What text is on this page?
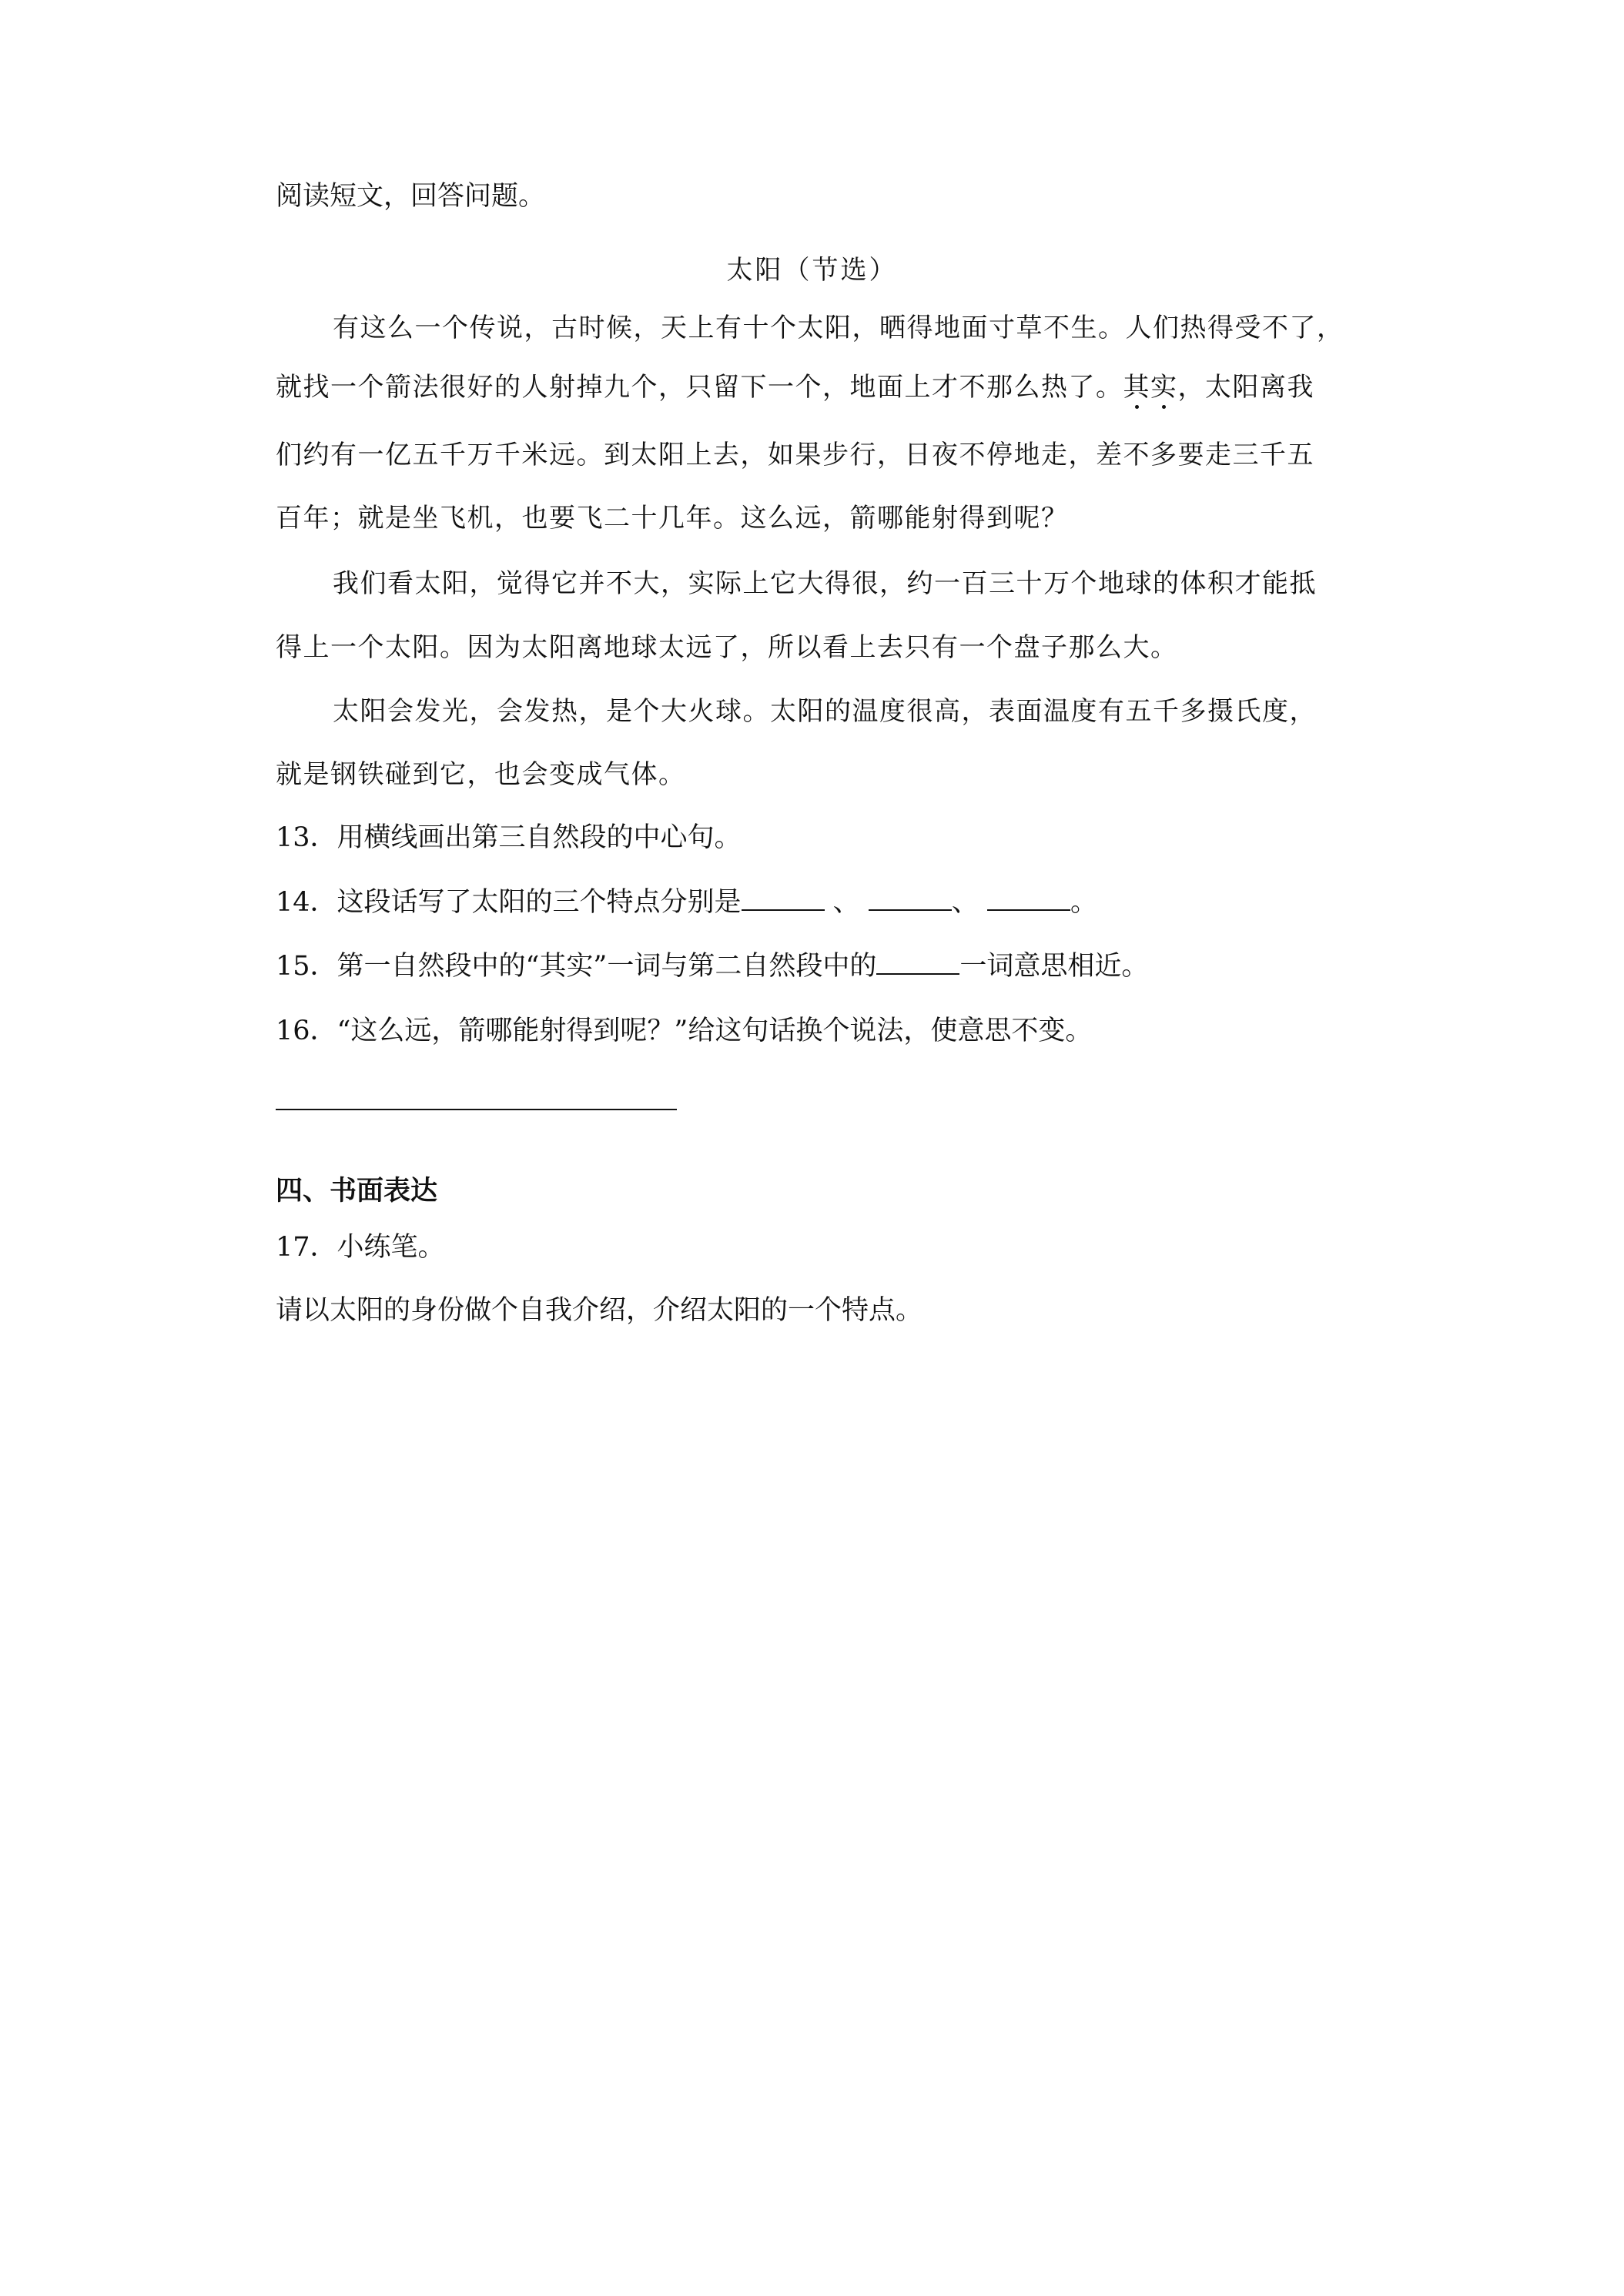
阅读短文，回答问题。
太阳（节选）
有这么一个传说，古时候，天上有十个太阳，晒得地面寸草不生。人们热得受不了，
就找一个箭法很好的人射掉九个，只留下一个，地面上才不那么热了。其实，太阳离我
们约有一亿五千万千米远。到太阳上去，如果步行，日夜不停地走，差不多要走三千五
百年；就是坐飞机，也要飞二十几年。这么远，箭哪能射得到呢？
我们看太阳，觉得它并不大，实际上它大得很，约一百三十万个地球的体积才能抵
得上一个太阳。因为太阳离地球太远了，所以看上去只有一个盘子那么大。
太阳会发光，会发热，是个大火球。太阳的温度很高，表面温度有五千多摄氏度，
就是钢铁碰到它，也会变成气体。
13．用横线画出第三自然段的中心句。
14．这段话写了太阳的三个特点分别是	、	、	。
15．第一自然段中的“其实”一词与第二自然段中的	一词意思相近。
16．“这么远，箭哪能射得到呢？”给这句话换个说法，使意思不变。
四、书面表达
17．小练笔。
请以太阳的身份做个自我介绍，介绍太阳的一个特点。
